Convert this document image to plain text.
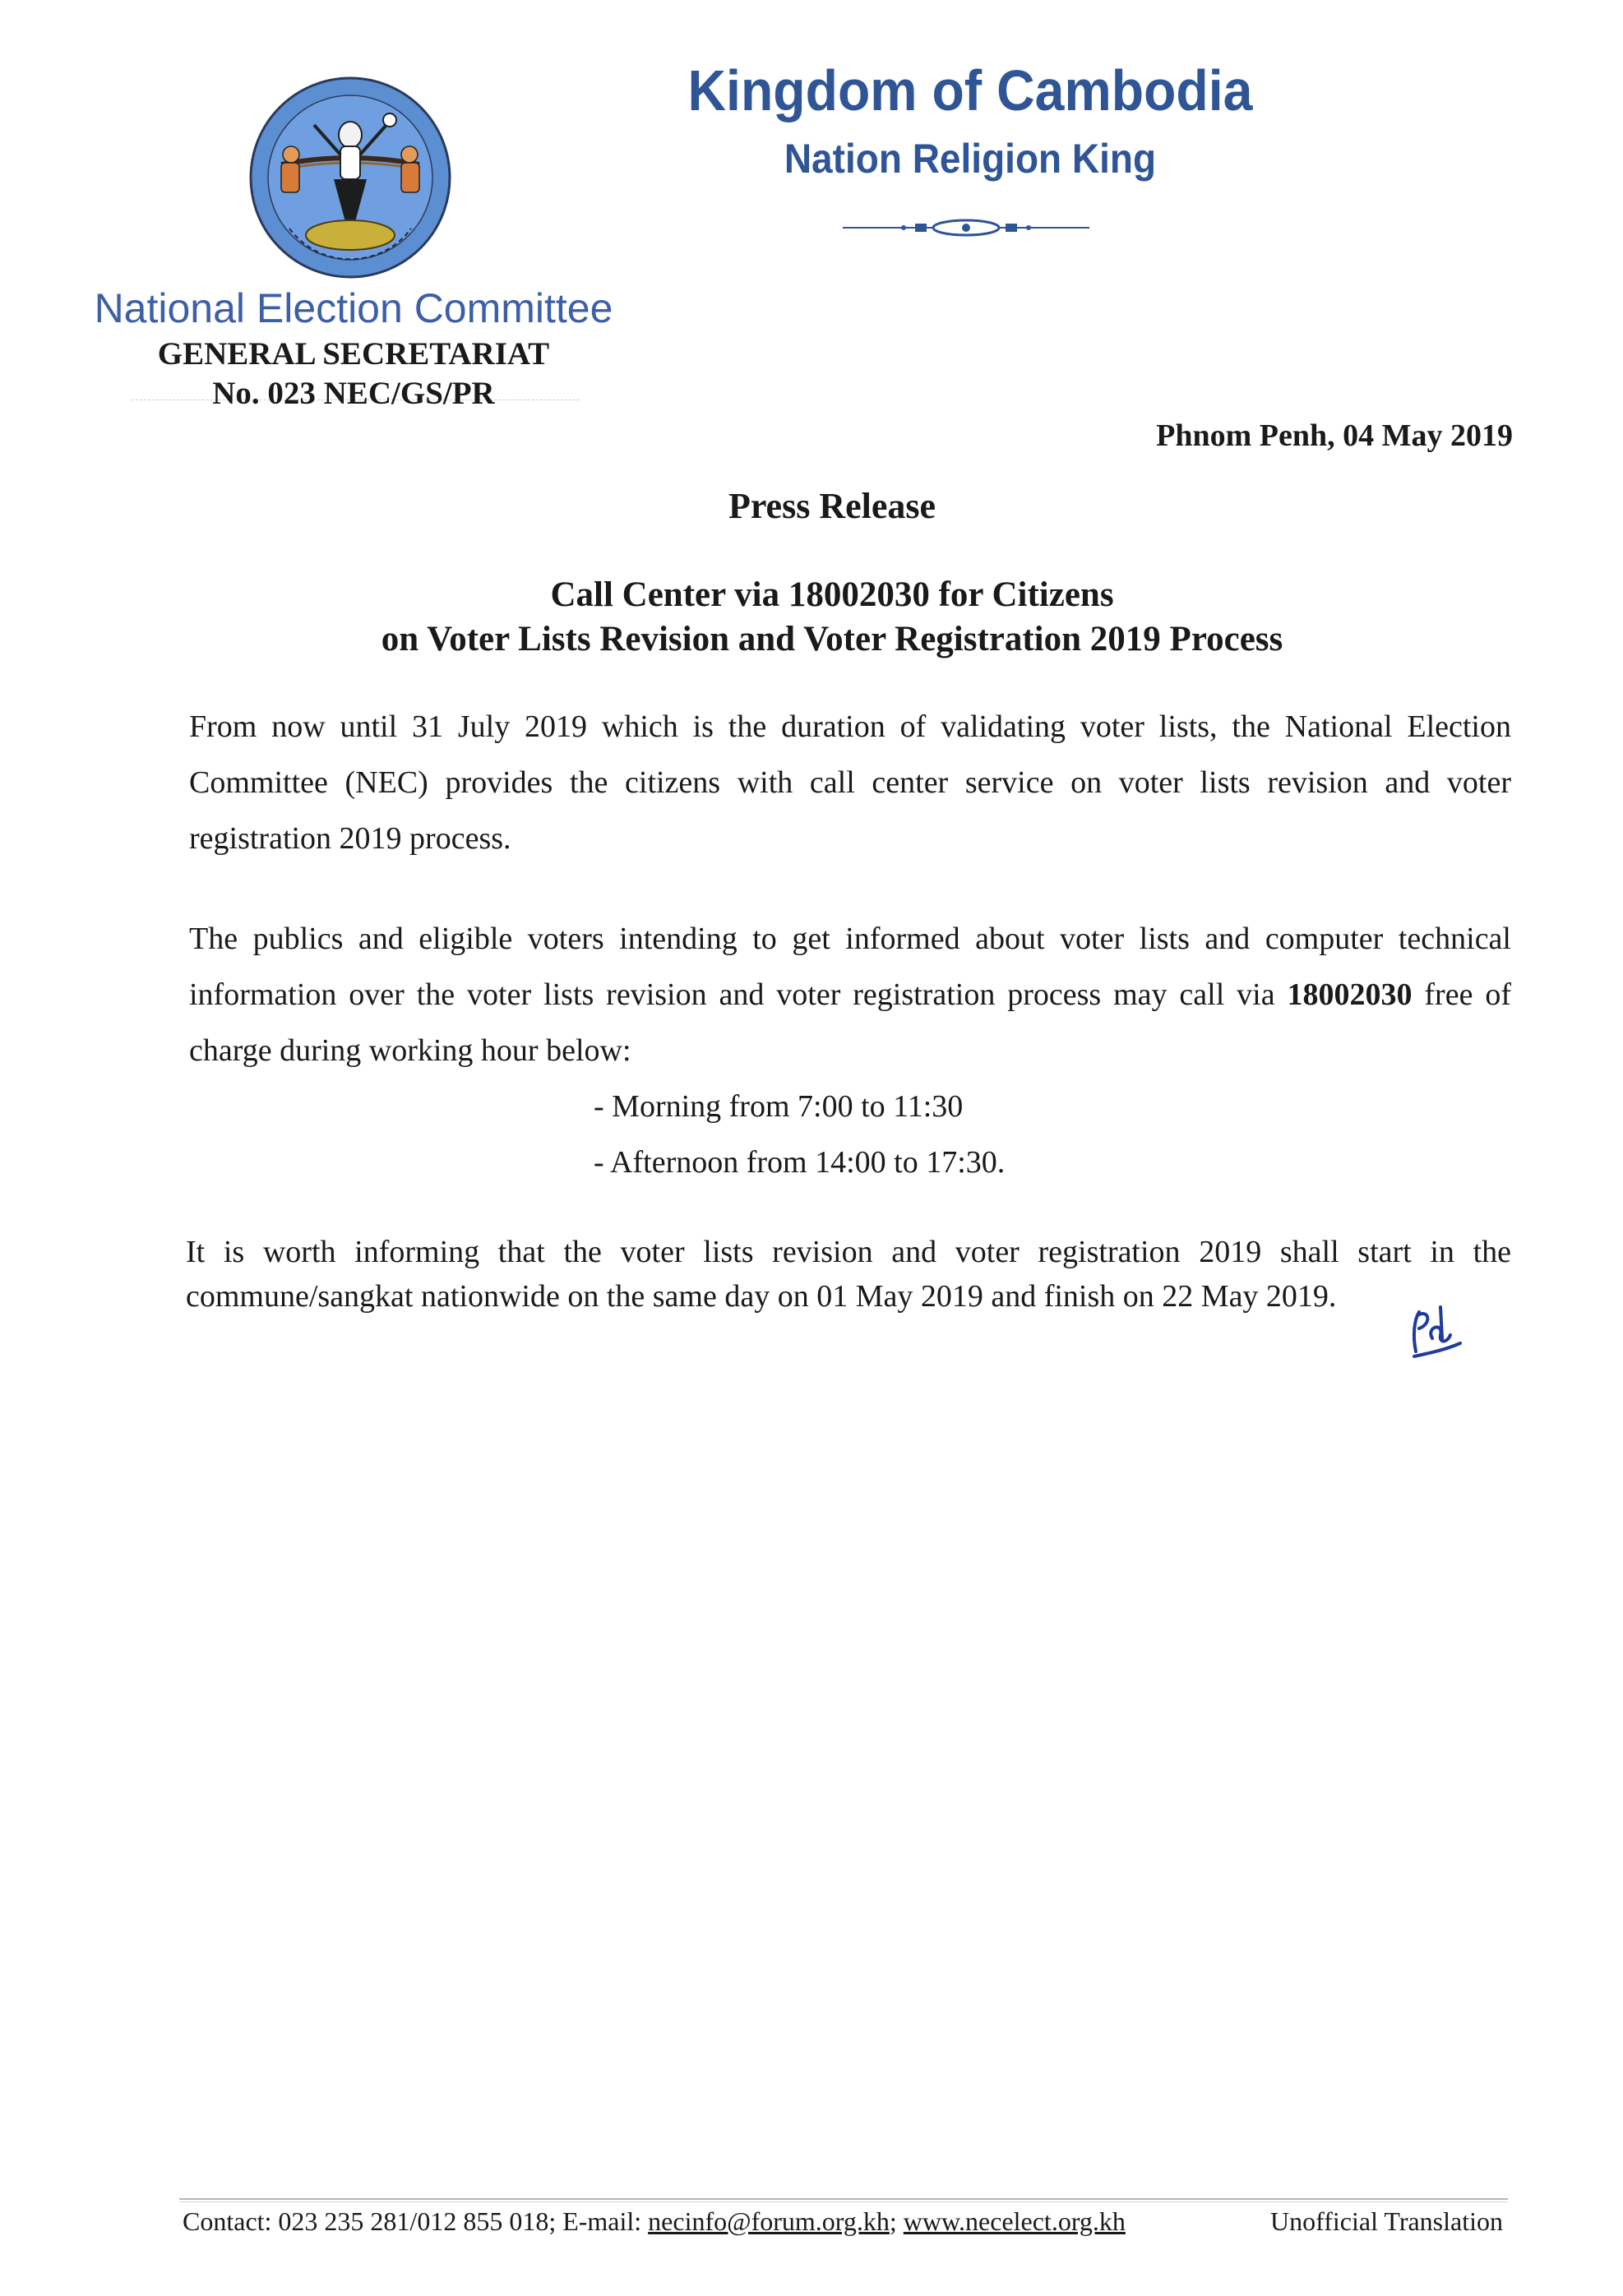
Kingdom of Cambodia
Nation Religion King
National Election Committee
GENERAL SECRETARIAT
No. 023 NEC/GS/PR
Phnom Penh, 04 May 2019
Press Release
Call Center via 18002030 for Citizens
on Voter Lists Revision and Voter Registration 2019 Process
From now until 31 July 2019 which is the duration of validating voter lists, the National Election Committee (NEC) provides the citizens with call center service on voter lists revision and voter registration 2019 process.
The publics and eligible voters intending to get informed about voter lists and computer technical information over the voter lists revision and voter registration process may call via 18002030 free of charge during working hour below:
- Morning from 7:00 to 11:30
- Afternoon from 14:00 to 17:30.
It is worth informing that the voter lists revision and voter registration 2019 shall start in the commune/sangkat nationwide on the same day on 01 May 2019 and finish on 22 May 2019.
Contact: 023 235 281/012 855 018; E-mail: necinfo@forum.org.kh; www.necelect.org.kh	Unofficial Translation
